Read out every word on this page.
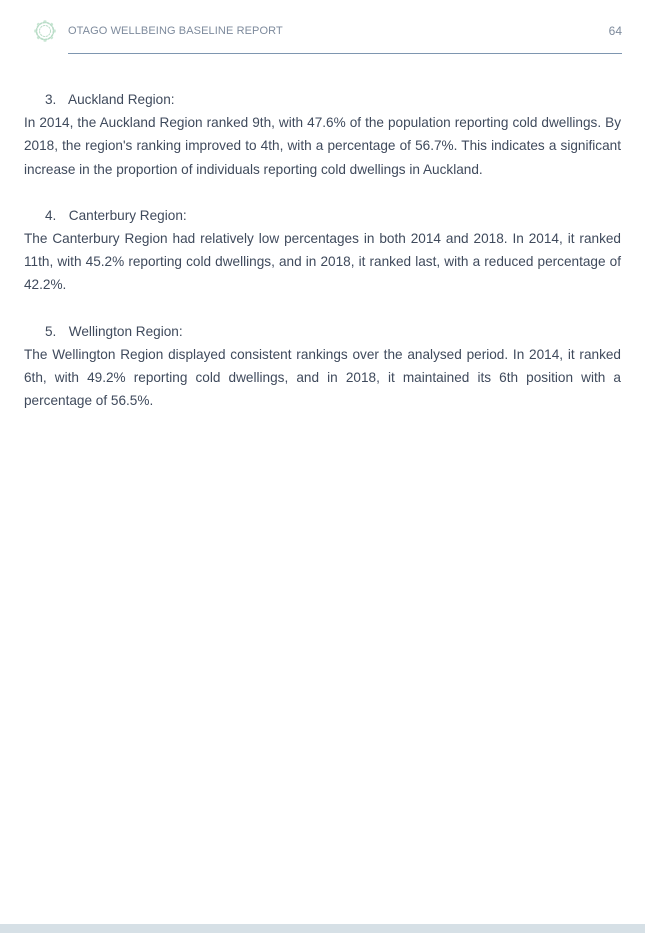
OTAGO WELLBEING BASELINE REPORT	64
3. Auckland Region:

In 2014, the Auckland Region ranked 9th, with 47.6% of the population reporting cold dwellings. By 2018, the region's ranking improved to 4th, with a percentage of 56.7%. This indicates a significant increase in the proportion of individuals reporting cold dwellings in Auckland.

4. Canterbury Region:

The Canterbury Region had relatively low percentages in both 2014 and 2018. In 2014, it ranked 11th, with 45.2% reporting cold dwellings, and in 2018, it ranked last, with a reduced percentage of 42.2%.

5. Wellington Region:

The Wellington Region displayed consistent rankings over the analysed period. In 2014, it ranked 6th, with 49.2% reporting cold dwellings, and in 2018, it maintained its 6th position with a percentage of 56.5%.
